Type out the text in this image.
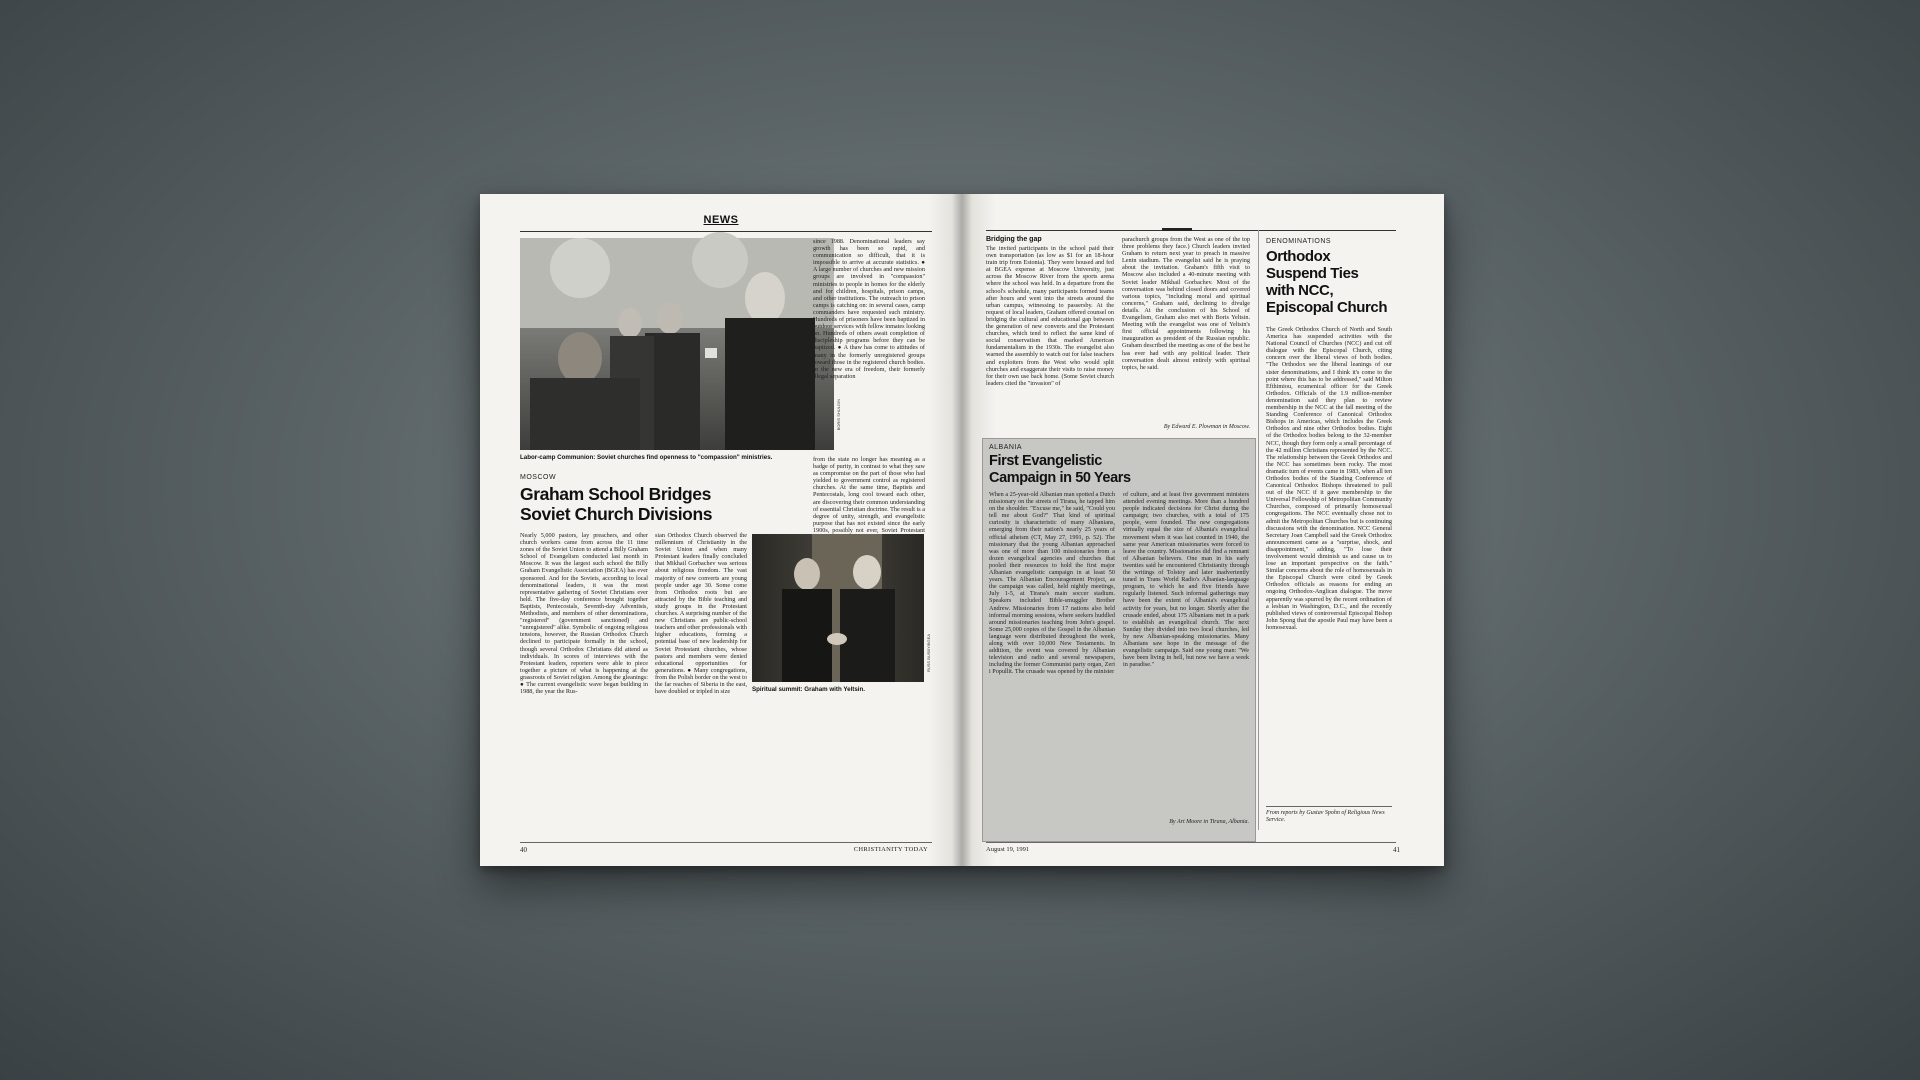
NEWS
BORIS SHULGIN
Labor-camp Communion: Soviet churches find openness to "compassion" ministries.
MOSCOW
Graham School Bridges
Soviet Church Divisions
Nearly 5,000 pastors, lay preachers, and other church workers came from across the 11 time zones of the Soviet Union to attend a Billy Graham School of Evangelism conducted last month in Moscow. It was the largest such school the Billy Graham Evangelistic Association (BGEA) has ever sponsored. And for the Soviets, according to local denominational leaders, it was the most representative gathering of Soviet Christians ever held. The five-day conference brought together Baptists, Pentecostals, Seventh-day Adventists, Methodists, and members of other denominations, "registered" (government sanctioned) and "unregistered" alike. Symbolic of ongoing religious tensions, however, the Russian Orthodox Church declined to participate formally in the school, though several Orthodox Christians did attend as individuals. In scores of interviews with the Protestant leaders, reporters were able to piece together a picture of what is happening at the grassroots of Soviet religion. Among the gleanings: ● The current evangelistic wave began building in 1988, the year the Rus-
sian Orthodox Church observed the millennium of Christianity in the Soviet Union and when many Protestant leaders finally concluded that Mikhail Gorbachev was serious about religious freedom. The vast majority of new converts are young people under age 30. Some come from Orthodox roots but are attracted by the Bible teaching and study groups in the Protestant churches. A surprising number of the new Christians are public-school teachers and other professionals with higher educations, forming a potential base of new leadership for Soviet Protestant churches, whose pastors and members were denied educational opportunities for generations. ● Many congregations, from the Polish border on the west to the far reaches of Siberia in the east, have doubled or tripled in size
since 1988. Denominational leaders say growth has been so rapid, and communication so difficult, that it is impossible to arrive at accurate statistics. ● A large number of churches and new mission groups are involved in "compassion" ministries to people in homes for the elderly and for children, hospitals, prison camps, and other institutions. The outreach to prison camps is catching on: in several cases, camp commanders have requested such ministry. Hundreds of prisoners have been baptized in outdoor services with fellow inmates looking on. Hundreds of others await completion of discipleship programs before they can be baptized. ● A thaw has come to attitudes of many in the formerly unregistered groups toward those in the registered church bodies. In the new era of freedom, their formerly illegal separation
from the state no longer has meaning as a badge of purity, in contrast to what they saw as compromise on the part of those who had yielded to government control as registered churches. At the same time, Baptists and Pentecostals, long cool toward each other, are discovering their common understanding of essential Christian doctrine. The result is a degree of unity, strength, and evangelistic purpose that has not existed since the early 1900s, possibly not ever, Soviet Protestant
RUSS BUSBY/BGEA
Spiritual summit: Graham with Yeltsin.
40	CHRISTIANITY TODAY
Bridging the gap
The invited participants in the school paid their own transportation (as low as $1 for an 18-hour train trip from Estonia). They were housed and fed at BGEA expense at Moscow University, just across the Moscow River from the sports arena where the school was held. In a departure from the school's schedule, many participants formed teams after hours and went into the streets around the urban campus, witnessing to passersby. At the request of local leaders, Graham offered counsel on bridging the cultural and educational gap between the generation of new converts and the Protestant churches, which tend to reflect the same kind of social conservatism that marked American fundamentalism in the 1930s. The evangelist also warned the assembly to watch out for false teachers and exploiters from the West who would split churches and exaggerate their visits to raise money for their own use back home. (Some Soviet church leaders cited the "invasion" of
parachurch groups from the West as one of the top three problems they face.) Church leaders invited Graham to return next year to preach in massive Lenin stadium. The evangelist said he is praying about the invitation. Graham's fifth visit to Moscow also included a 40-minute meeting with Soviet leader Mikhail Gorbachev. Most of the conversation was behind closed doors and covered various topics, "including moral and spiritual concerns," Graham said, declining to divulge details. At the conclusion of his School of Evangelism, Graham also met with Boris Yeltsin. Meeting with the evangelist was one of Yeltsin's first official appointments following his inauguration as president of the Russian republic. Graham described the meeting as one of the best he has ever had with any political leader. Their conversation dealt almost entirely with spiritual topics, he said.
By Edward E. Plowman in Moscow.
ALBANIA
First Evangelistic
Campaign in 50 Years
When a 25-year-old Albanian man spotted a Dutch missionary on the streets of Tirana, he tapped him on the shoulder. "Excuse me," he said, "Could you tell me about God?" That kind of spiritual curiosity is characteristic of many Albanians, emerging from their nation's nearly 25 years of official atheism (CT, May 27, 1991, p. 52). The missionary that the young Albanian approached was one of more than 100 missionaries from a dozen evangelical agencies and churches that pooled their resources to hold the first major Albanian evangelistic campaign in at least 50 years. The Albanian Encouragement Project, as the campaign was called, held nightly meetings, July 1-5, at Tirana's main soccer stadium. Speakers included Bible-smuggler Brother Andrew. Missionaries from 17 nations also held informal morning sessions, where seekers huddled around missionaries teaching from John's gospel. Some 25,000 copies of the Gospel in the Albanian language were distributed throughout the week, along with over 10,000 New Testaments. In addition, the event was covered by Albanian television and radio and several newspapers, including the former Communist party organ, Zeri i Popullit. The crusade was opened by the minister
of culture, and at least five government ministers attended evening meetings. More than a hundred people indicated decisions for Christ during the campaign; two churches, with a total of 175 people, were founded. The new congregations virtually equal the size of Albania's evangelical movement when it was last counted in 1940, the same year American missionaries were forced to leave the country. Missionaries did find a remnant of Albanian believers. One man in his early twenties said he encountered Christianity through the writings of Tolstoy and later inadvertently tuned in Trans World Radio's Albanian-language program, to which he and five friends have regularly listened. Such informal gatherings may have been the extent of Albania's evangelical activity for years, but no longer. Shortly after the crusade ended, about 175 Albanians met in a park to establish an evangelical church. The next Sunday they divided into two local churches, led by new Albanian-speaking missionaries. Many Albanians saw hope in the message of the evangelistic campaign. Said one young man: "We have been living in hell, but now we have a week in paradise."
By Art Moore in Tirana, Albania.
DENOMINATIONS
Orthodox
Suspend Ties
with NCC,
Episcopal Church
The Greek Orthodox Church of North and South America has suspended activities with the National Council of Churches (NCC) and cut off dialogue with the Episcopal Church, citing concern over the liberal views of both bodies. "The Orthodox see the liberal leanings of our sister denominations, and I think it's come to the point where this has to be addressed," said Milton Efthimiou, ecumenical officer for the Greek Orthodox. Officials of the 1.9 million-member denomination said they plan to review membership in the NCC at the fall meeting of the Standing Conference of Canonical Orthodox Bishops in Americas, which includes the Greek Orthodox and nine other Orthodox bodies. Eight of the Orthodox bodies belong to the 32-member NCC, though they form only a small percentage of the 42 million Christians represented by the NCC. The relationship between the Greek Orthodox and the NCC has sometimes been rocky. The most dramatic turn of events came in 1983, when all ten Orthodox bodies of the Standing Conference of Canonical Orthodox Bishops threatened to pull out of the NCC if it gave membership to the Universal Fellowship of Metropolitan Community Churches, composed of primarily homosexual congregations. The NCC eventually chose not to admit the Metropolitan Churches but is continuing discussions with the denomination. NCC General Secretary Joan Campbell said the Greek Orthodox announcement came as a "surprise, shock, and disappointment," adding, "To lose their involvement would diminish us and cause us to lose an important perspective on the faith." Similar concerns about the role of homosexuals in the Episcopal Church were cited by Greek Orthodox officials as reasons for ending an ongoing Orthodox-Anglican dialogue. The move apparently was spurred by the recent ordination of a lesbian in Washington, D.C., and the recently published views of controversial Episcopal Bishop John Spong that the apostle Paul may have been a homosexual.
From reports by Gustav Spohn of Religious News Service.
August 19, 1991	41
